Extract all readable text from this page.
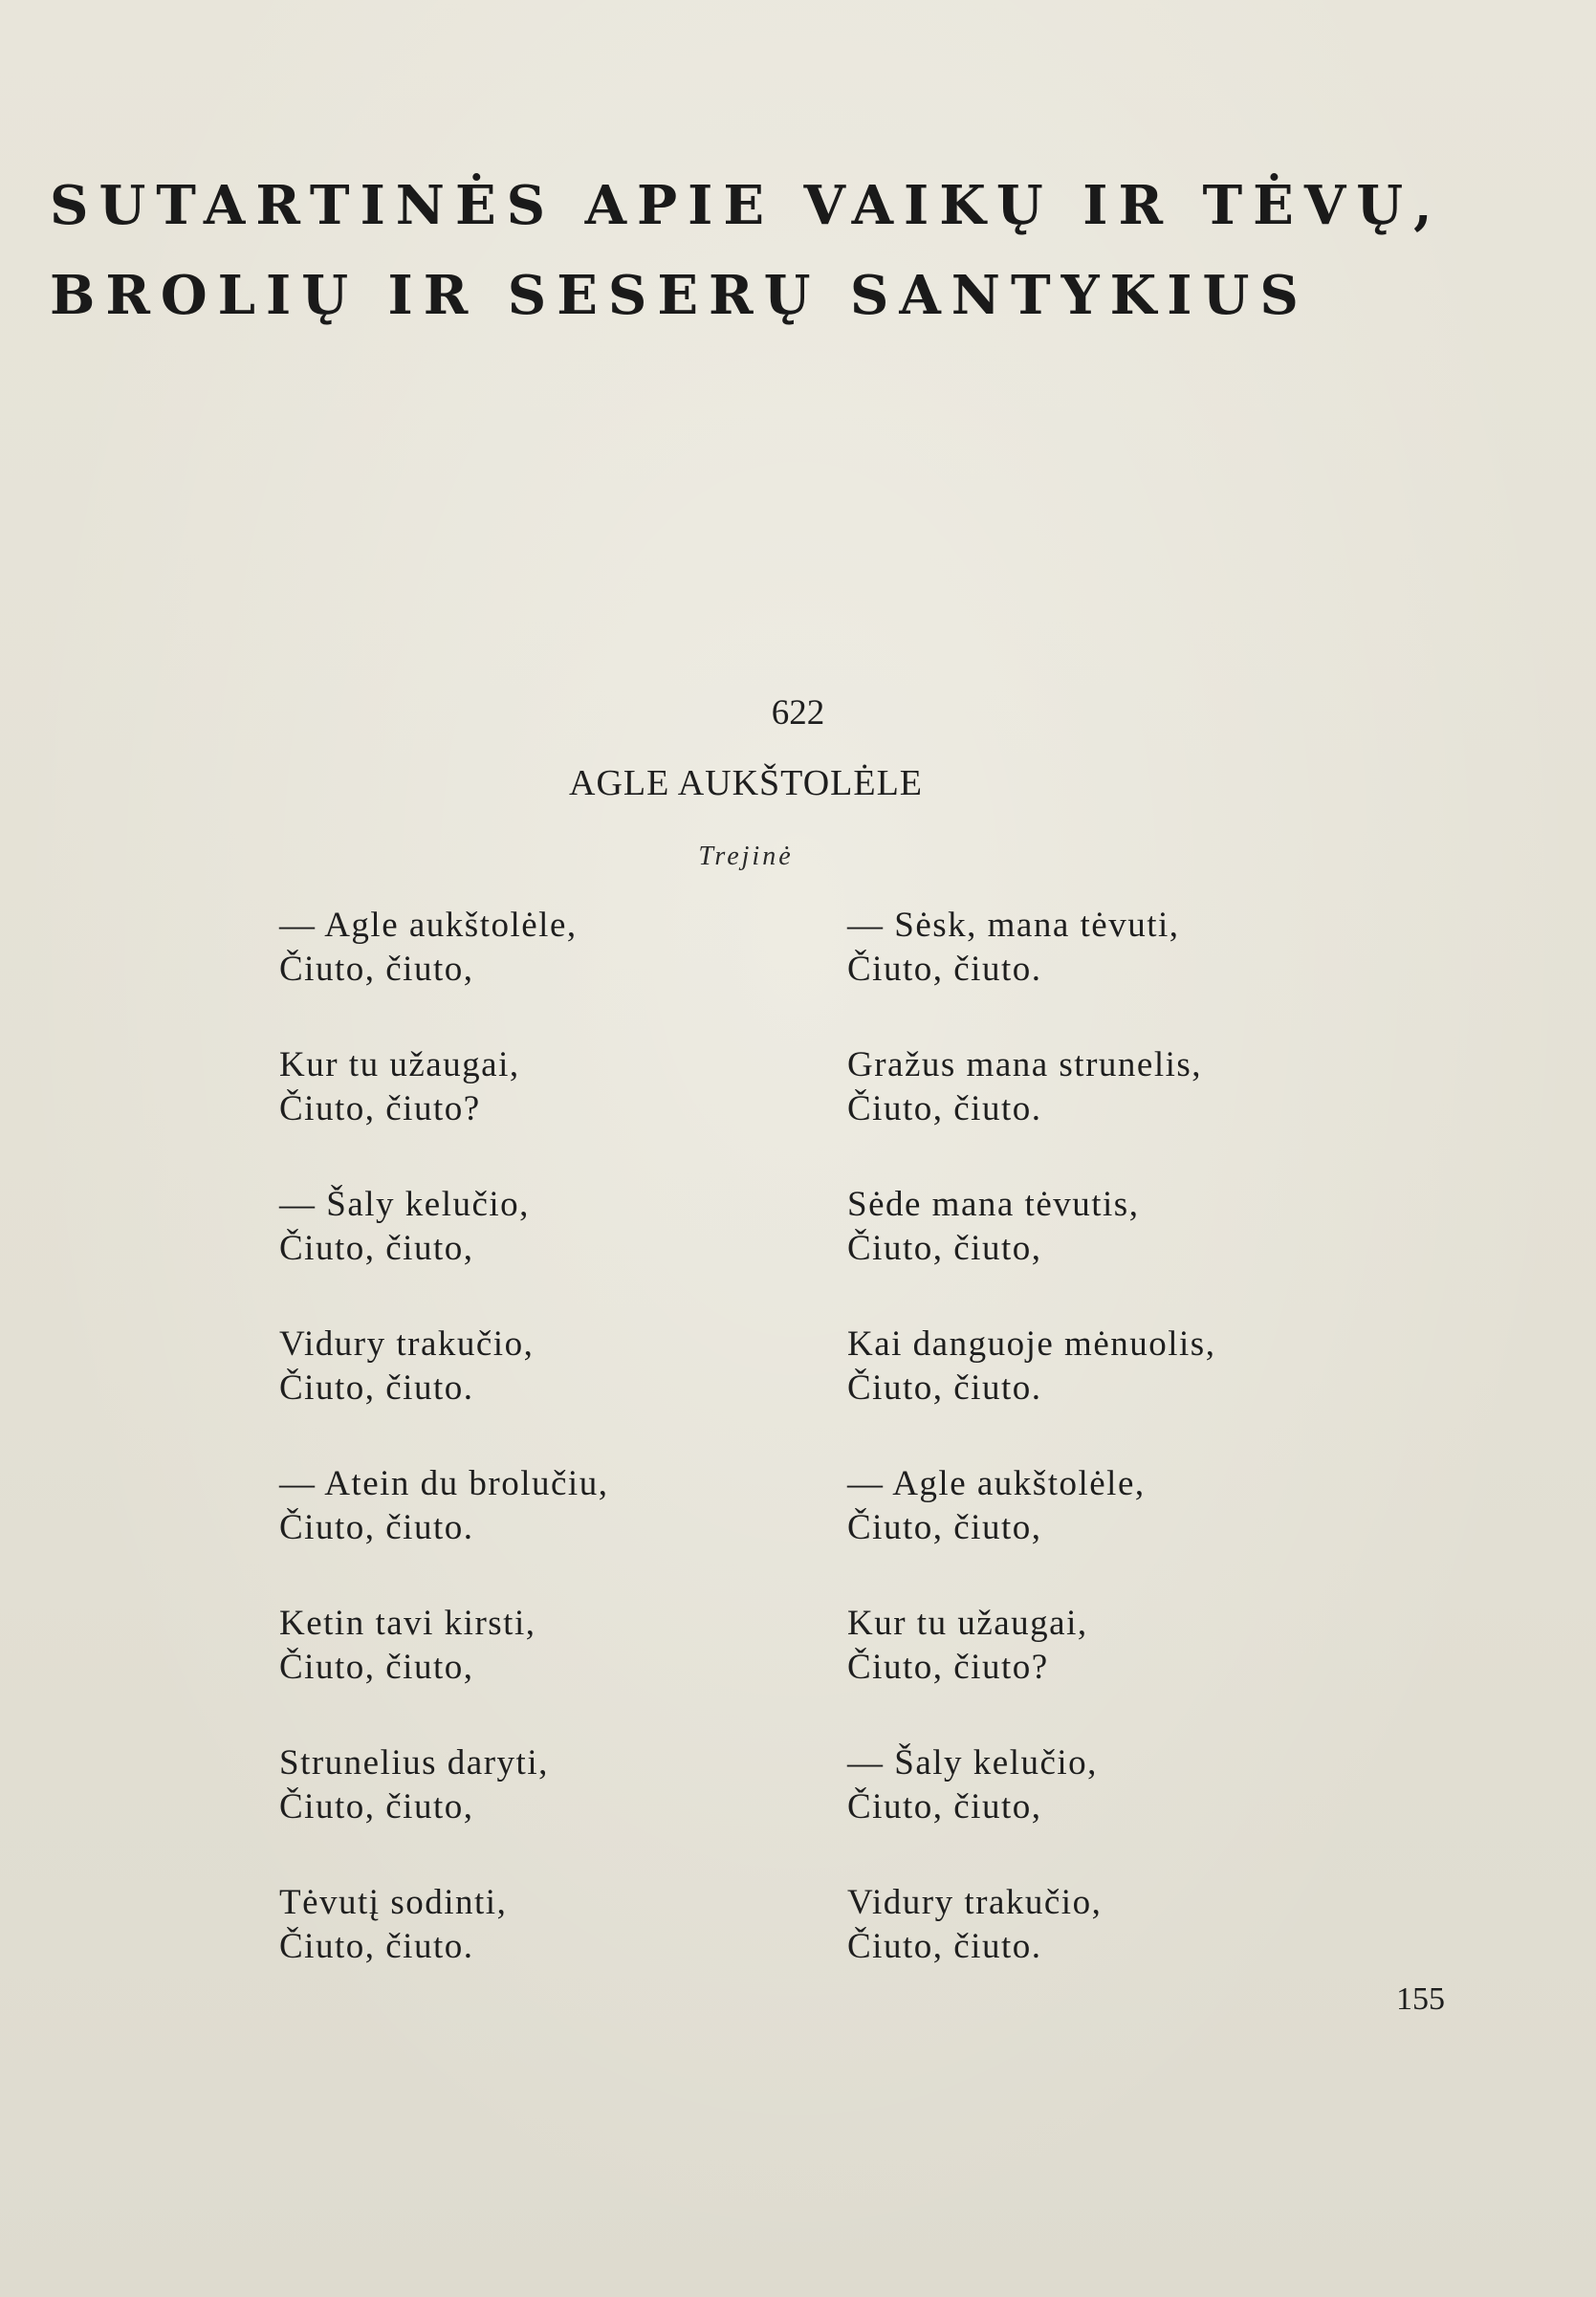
SUTARTINĖS APIE VAIKŲ IR TĖVŲ,
BROLIŲ IR SESERŲ SANTYKIUS
622
AGLE AUKŠTOLĖLE
Trejinė
— Agle aukštolėle,
Čiuto, čiuto,
Kur tu užaugai,
Čiuto, čiuto?
— Šaly kelučio,
Čiuto, čiuto,
Vidury trakučio,
Čiuto, čiuto.
— Atein du brolučiu,
Čiuto, čiuto.
Ketin tavi kirsti,
Čiuto, čiuto,
Strunelius daryti,
Čiuto, čiuto,
Tėvutį sodinti,
Čiuto, čiuto.
— Sėsk, mana tėvuti,
Čiuto, čiuto.
Gražus mana strunelis,
Čiuto, čiuto.
Sėde mana tėvutis,
Čiuto, čiuto,
Kai danguoje mėnuolis,
Čiuto, čiuto.
— Agle aukštolėle,
Čiuto, čiuto,
Kur tu užaugai,
Čiuto, čiuto?
— Šaly kelučio,
Čiuto, čiuto,
Vidury trakučio,
Čiuto, čiuto.
155
